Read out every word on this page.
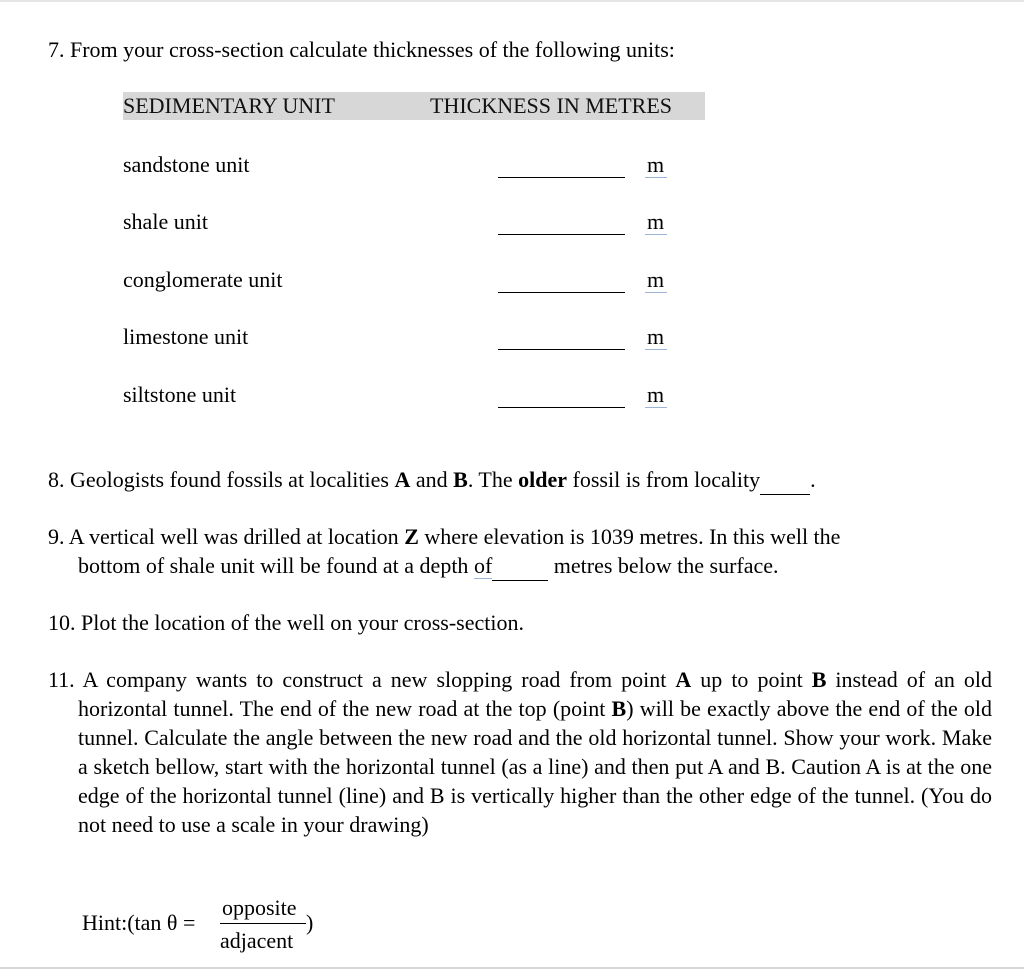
7. From your cross-section calculate thicknesses of the following units:
SEDIMENTARY UNIT	THICKNESS IN METRES
sandstone unit	m
shale unit	m
conglomerate unit	m
limestone unit	m
siltstone unit	m
8. Geologists found fossils at localities A and B. The older fossil is from locality .
9. A vertical well was drilled at location Z where elevation is 1039 metres. In this well the
bottom of shale unit will be found at a depth of	metres below the surface.
10. Plot the location of the well on your cross-section.
11. A company wants to construct a new slopping road from point A up to point B instead of an old horizontal tunnel. The end of the new road at the top (point B) will be exactly above the end of the old tunnel. Calculate the angle between the new road and the old horizontal tunnel. Show your work. Make a sketch bellow, start with the horizontal tunnel (as a line) and then put A and B. Caution A is at the one edge of the horizontal tunnel (line) and B is vertically higher than the other edge of the tunnel. (You do not need to use a scale in your drawing)
Hint:(tan θ =
opposite
adjacent
)
